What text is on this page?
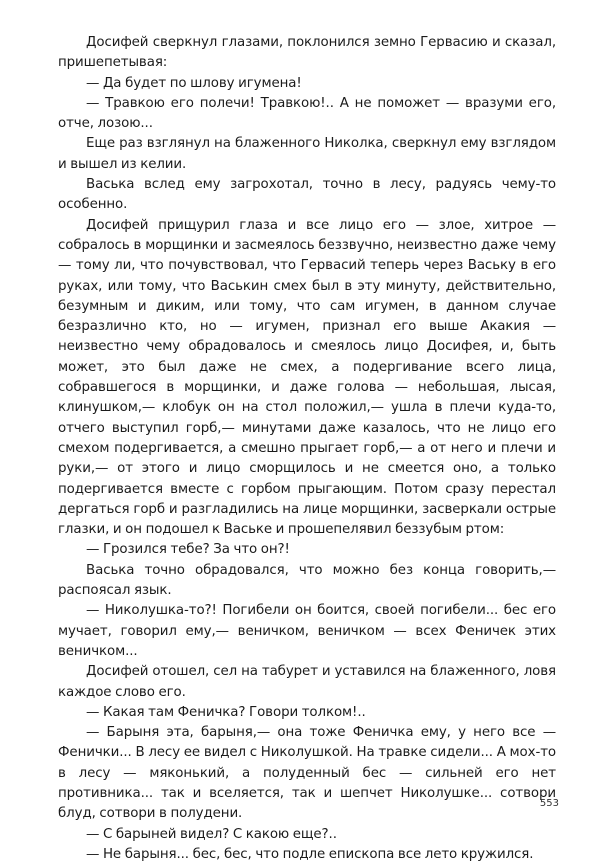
Досифей сверкнул глазами, поклонился земно Гервасию и сказал, пришепетывая:

— Да будет по шлову игумена!

— Травкою его полечи! Травкою!.. А не поможет — вразуми его, отче, лозою...

Еще раз взглянул на блаженного Николка, сверкнул ему взглядом и вышел из келии.

Васька вслед ему загрохотал, точно в лесу, радуясь чему-то особенно.

Досифей прищурил глаза и все лицо его — злое, хитрое — собралось в морщинки и засмеялось беззвучно, неизвестно даже чему — тому ли, что почувствовал, что Гервасий теперь через Ваську в его руках, или тому, что Васькин смех был в эту минуту, действительно, безумным и диким, или тому, что сам игумен, в данном случае безразлично кто, но — игумен, признал его выше Акакия — неизвестно чему обрадовалось и смеялось лицо Досифея, и, быть может, это был даже не смех, а подергивание всего лица, собравшегося в морщинки, и даже голова — небольшая, лысая, клинушком,— клобук он на стол положил,— ушла в плечи куда-то, отчего выступил горб,— минутами даже казалось, что не лицо его смехом подергивается, а смешно прыгает горб,— а от него и плечи и руки,— от этого и лицо сморщилось и не смеется оно, а только подергивается вместе с горбом прыгающим. Потом сразу перестал дергаться горб и разгладились на лице морщинки, засверкали острые глазки, и он подошел к Ваське и прошепелявил беззубым ртом:

— Грозился тебе? За что он?!

Васька точно обрадовался, что можно без конца говорить,— распоясал язык.

— Николушка-то?! Погибели он боится, своей погибели... бес его мучает, говорил ему,— веничком, веничком — всех Феничек этих веничком...

Досифей отошел, сел на табурет и уставился на блаженного, ловя каждое слово его.

— Какая там Феничка? Говори толком!..

— Барыня эта, барыня,— она тоже Феничка ему, у него все — Фенички... В лесу ее видел с Николушкой. На травке сидели... А мох-то в лесу — мяконький, а полуденный бес — сильней его нет противника... так и вселяется, так и шепчет Николушке... сотвори блуд, сотвори в полудени.

— С барыней видел? С какою еще?..

— Не барыня... бес, бес, что подле епископа все лето кружился.

553
